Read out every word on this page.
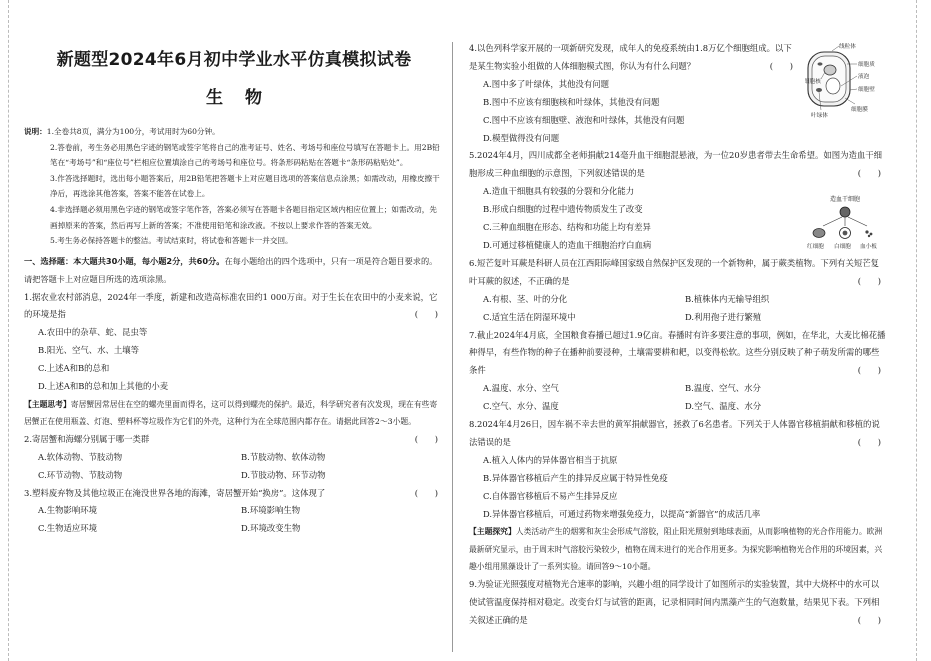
新题型2024年6月初中学业水平仿真模拟试卷
生物
说明：1.全卷共8页，满分为100分，考试用时为60分钟。
2.答卷前，考生务必用黑色字迹的钢笔或签字笔将自己的准考证号、姓名、考场号和座位号填写在答题卡上。用2B铅笔在“考场号”和“座位号”栏相应位置填涂自己的考场号和座位号。将条形码粘贴在答题卡“条形码粘贴处”。
3.作答选择题时，选出每小题答案后，用2B铅笔把答题卡上对应题目选项的答案信息点涂黑；如需改动，用橡皮擦干净后，再选涂其他答案，答案不能答在试卷上。
4.非选择题必须用黑色字迹的钢笔或签字笔作答，答案必须写在答题卡各题目指定区域内相应位置上；如需改动，先画掉原来的答案，然后再写上新的答案；不准使用铅笔和涂改液。不按以上要求作答的答案无效。
5.考生务必保持答题卡的整洁。考试结束时，将试卷和答题卡一并交回。
一、选择题：本大题共30小题，每小题2分，共60分。在每小题给出的四个选项中，只有一项是符合题目要求的。请把答题卡上对应题目所选的选项涂黑。
1.据农业农村部消息，2024年一季度，新建和改造高标准农田约1 000万亩。对于生长在农田中的小麦来说，它的环境是指	(　　)
A.农田中的杂草、蛇、昆虫等
B.阳光、空气、水、土壤等
C.上述A和B的总和
D.上述A和B的总和加上其他的小麦
【主题思考】寄居蟹因常居住在空的螺壳里面而得名，这可以得到螺壳的保护。最近，科学研究者有次发现，现在有些寄居蟹正在使用瓶盖、灯泡、塑料杯等垃圾作为它们的外壳，这种行为在全球范围内都存在。请据此回答2～3小题。
2.寄居蟹和海螺分别属于哪一类群	(　　)
A.软体动物、节肢动物	B.节肢动物、软体动物
C.环节动物、节肢动物	D.节肢动物、环节动物
3.塑料废弃物及其他垃圾正在淹没世界各地的海滩，寄居蟹开始“换房”。这体现了	(　　)
A.生物影响环境	B.环境影响生物
C.生物适应环境	D.环境改变生物
4.以色列科学家开展的一项新研究发现，成年人的免疫系统由1.8万亿个细胞组成。以下是某生物实验小组做的人体细胞模式图，你认为有什么问题？	(　　)
A.图中多了叶绿体，其他没有问题
B.图中不应该有细胞核和叶绿体，其他没有问题
C.图中不应该有细胞壁、液泡和叶绿体，其他没有问题
D.模型做得没有问题
5.2024年4月，四川成都全老师捐献214毫升血干细胞混悬液，为一位20岁患者带去生命希望。如图为造血干细胞形成三种血细胞的示意图，下列叙述错误的是	(　　)
A.造血干细胞具有较强的分裂和分化能力
B.形成白细胞的过程中遗传物质发生了改变
C.三种血细胞在形态、结构和功能上均有差异
D.可通过移植健康人的造血干细胞治疗白血病
6.短芒复叶耳蕨是科研人员在江西阳际峰国家级自然保护区发现的一个新物种，属于蕨类植物。下列有关短芒复叶耳蕨的叙述，不正确的是	(　　)
A.有根、茎、叶的分化	B.植株体内无输导组织
C.适宜生活在阴湿环境中	D.利用孢子进行繁殖
7.截止2024年4月底，全国粮食春播已超过1.9亿亩。春播时有许多要注意的事项，例如，在华北，大麦比棉花播种得早，有些作物的种子在播种前要浸种，土壤需要耕和耙，以变得松软。这些分别反映了种子萌发所需的哪些条件	(　　)
A.温度、水分、空气	B.温度、空气、水分
C.空气、水分、温度	D.空气、温度、水分
8.2024年4月26日，因车祸不幸去世的黄军捐献器官，拯救了6名患者。下列关于人体器官移植捐献和移植的说法错误的是	(　　)
A.植入人体内的异体器官相当于抗原
B.异体器官移植后产生的排异反应属于特异性免疫
C.自体器官移植后不易产生排异反应
D.异体器官移植后，可通过药物来增强免疫力，以提高“新器官”的成活几率
【主题探究】人类活动产生的烟雾和灰尘会形成气溶胶，阻止阳光照射到地球表面，从而影响植物的光合作用能力。欧洲最新研究显示，由于周末时气溶胶污染较少，植物在周末进行的光合作用更多。为探究影响植物光合作用的环境因素，兴趣小组用黑藻设计了一系列实验。请回答9～10小题。
9.为验证光照强度对植物光合速率的影响，兴趣小组的同学设计了如图所示的实验装置，其中大烧杯中的水可以使试管温度保持相对稳定。改变台灯与试管的距离，记录相同时间内黑藻产生的气泡数量，结果见下表。下列相关叙述正确的是	(　　)
线粒体
细胞质
液泡
细胞壁
细胞核
叶绿体
细胞膜
造血干细胞
红细胞 白细胞 血小板
